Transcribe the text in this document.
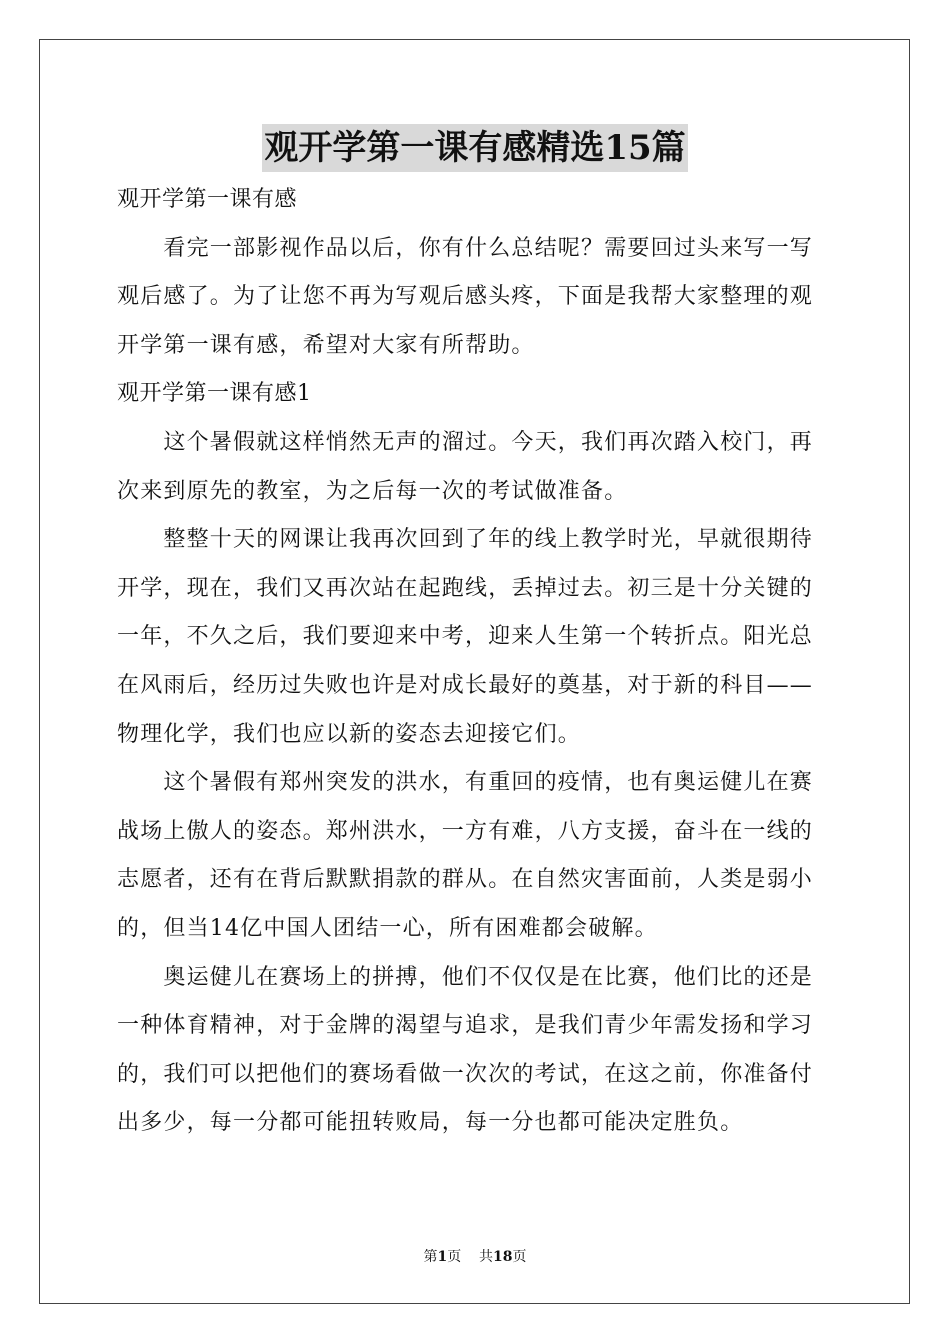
观开学第一课有感精选15篇
观开学第一课有感
　　看完一部影视作品以后，你有什么总结呢？需要回过头来写一写
观后感了。为了让您不再为写观后感头疼，下面是我帮大家整理的观
开学第一课有感，希望对大家有所帮助。
观开学第一课有感1
　　这个暑假就这样悄然无声的溜过。今天，我们再次踏入校门，再
次来到原先的教室，为之后每一次的考试做准备。
　　整整十天的网课让我再次回到了年的线上教学时光，早就很期待
开学，现在，我们又再次站在起跑线，丢掉过去。初三是十分关键的
一年，不久之后，我们要迎来中考，迎来人生第一个转折点。阳光总
在风雨后，经历过失败也许是对成长最好的奠基，对于新的科目——
物理化学，我们也应以新的姿态去迎接它们。
　　这个暑假有郑州突发的洪水，有重回的疫情，也有奥运健儿在赛
战场上傲人的姿态。郑州洪水，一方有难，八方支援，奋斗在一线的
志愿者，还有在背后默默捐款的群从。在自然灾害面前，人类是弱小
的，但当14亿中国人团结一心，所有困难都会破解。
　　奥运健儿在赛场上的拼搏，他们不仅仅是在比赛，他们比的还是
一种体育精神，对于金牌的渴望与追求，是我们青少年需发扬和学习
的，我们可以把他们的赛场看做一次次的考试，在这之前，你准备付
出多少，每一分都可能扭转败局，每一分也都可能决定胜负。
第1页 共18页
